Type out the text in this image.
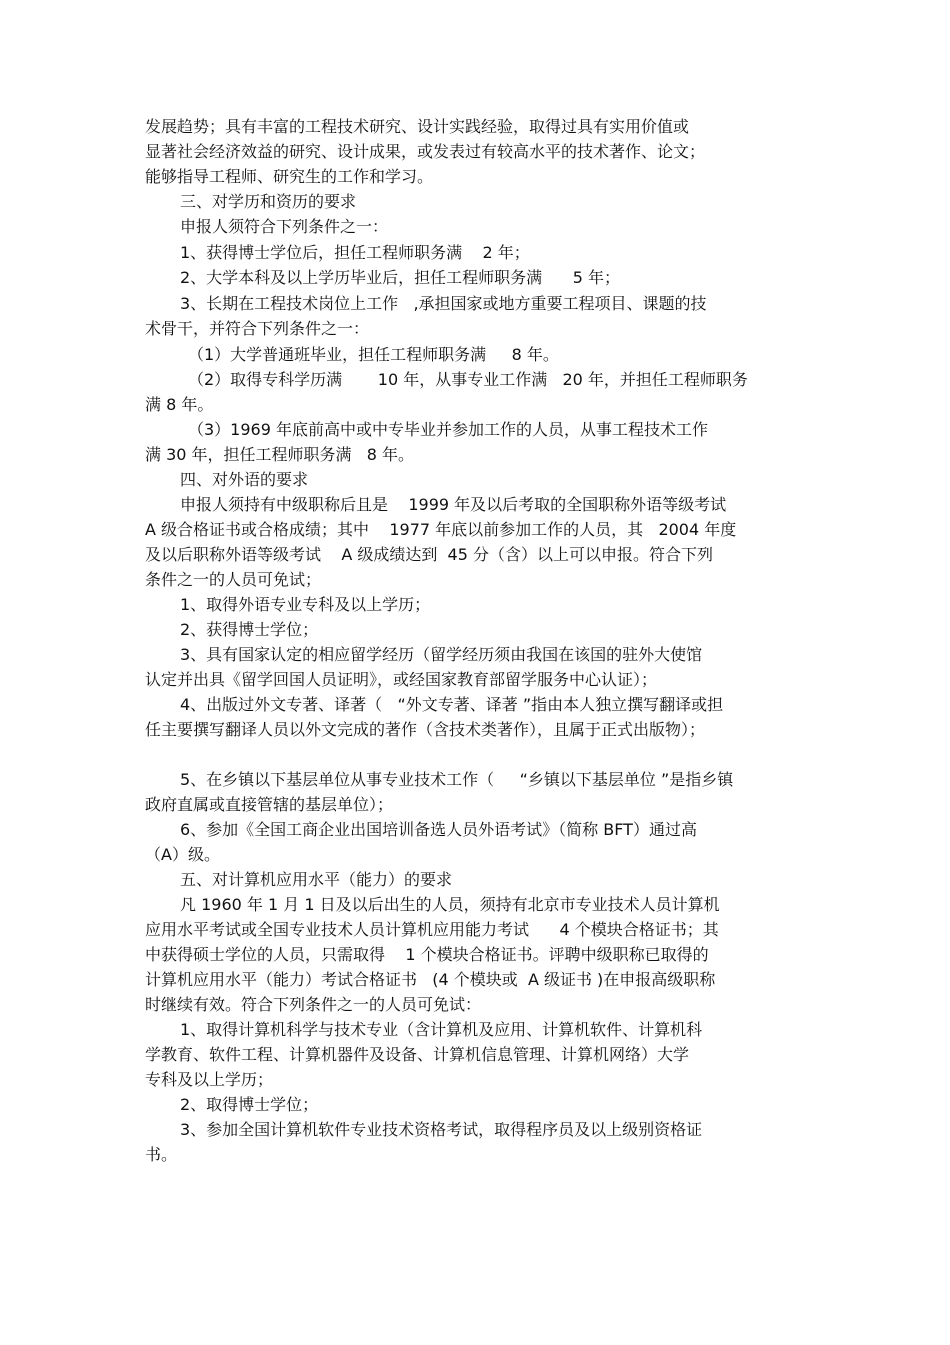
发展趋势；具有丰富的工程技术研究、设计实践经验，取得过具有实用价值或
显著社会经济效益的研究、设计成果，或发表过有较高水平的技术著作、论文；
能够指导工程师、研究生的工作和学习。
三、对学历和资历的要求
申报人须符合下列条件之一：
1、获得博士学位后，担任工程师职务满    2 年；
2、大学本科及以上学历毕业后，担任工程师职务满      5 年；
3、长期在工程技术岗位上工作   ,承担国家或地方重要工程项目、课题的技
术骨干，并符合下列条件之一：
（1）大学普通班毕业，担任工程师职务满     8 年。
（2）取得专科学历满       10 年，从事专业工作满   20 年，并担任工程师职务
满 8 年。
（3）1969 年底前高中或中专毕业并参加工作的人员，从事工程技术工作
满 30 年，担任工程师职务满   8 年。
四、对外语的要求
申报人须持有中级职称后且是    1999 年及以后考取的全国职称外语等级考试
A 级合格证书或合格成绩；其中    1977 年底以前参加工作的人员，其   2004 年度
及以后职称外语等级考试    A 级成绩达到  45 分（含）以上可以申报。符合下列
条件之一的人员可免试；
1、取得外语专业专科及以上学历；
2、获得博士学位；
3、具有国家认定的相应留学经历（留学经历须由我国在该国的驻外大使馆
认定并出具《留学回国人员证明》，或经国家教育部留学服务中心认证）；
4、出版过外文专著、译著（   “外文专著、译著 ”指由本人独立撰写翻译或担
任主要撰写翻译人员以外文完成的著作（含技术类著作），且属于正式出版物）；
5、在乡镇以下基层单位从事专业技术工作（     “乡镇以下基层单位 ”是指乡镇
政府直属或直接管辖的基层单位）；
6、参加《全国工商企业出国培训备选人员外语考试》（简称 BFT）通过高
（A）级。
五、对计算机应用水平（能力）的要求
凡 1960 年 1 月 1 日及以后出生的人员，须持有北京市专业技术人员计算机
应用水平考试或全国专业技术人员计算机应用能力考试      4 个模块合格证书；其
中获得硕士学位的人员，只需取得    1 个模块合格证书。评聘中级职称已取得的
计算机应用水平（能力）考试合格证书   (4 个模块或  A 级证书 )在申报高级职称
时继续有效。符合下列条件之一的人员可免试：
1、取得计算机科学与技术专业（含计算机及应用、计算机软件、计算机科
学教育、软件工程、计算机器件及设备、计算机信息管理、计算机网络）大学
专科及以上学历；
2、取得博士学位；
3、参加全国计算机软件专业技术资格考试，取得程序员及以上级别资格证
书。
